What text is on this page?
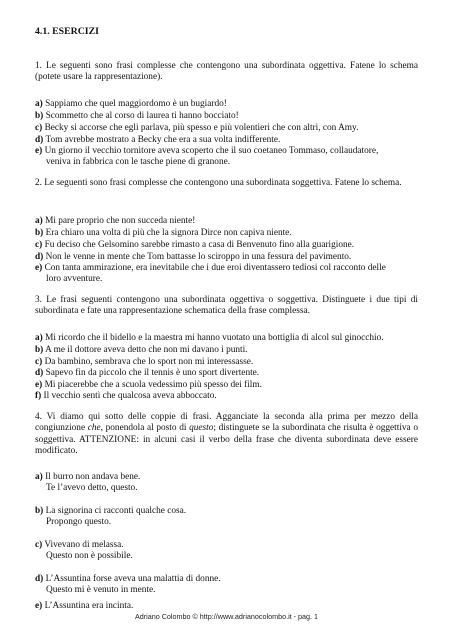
4.1. ESERCIZI
1. Le seguenti sono frasi complesse che contengono una subordinata oggettiva. Fatene lo schema (potete usare la rappresentazione).
a) Sappiamo che quel maggiordomo è un bugiardo!
b) Scommetto che al corso di laurea ti hanno bocciato!
c) Becky si accorse che egli parlava, più spesso e più volentieri che con altri, con Amy.
d) Tom avrebbe mostrato a Becky che era a sua volta indifferente.
e) Un giorno il vecchio tornitore aveva scoperto che il suo coetaneo Tommaso, collaudatore,
veniva in fabbrica con le tasche piene di granone.
2. Le seguenti sono frasi complesse che contengono una subordinata soggettiva. Fatene lo schema.
a) Mi pare proprio che non succeda niente!
b) Era chiaro una volta di più che la signora Dirce non capiva niente.
c) Fu deciso che Gelsomino sarebbe rimasto a casa di Benvenuto fino alla guarigione.
d) Non le venne in mente che Tom battasse lo sciroppo in una fessura del pavimento.
e) Con tanta ammirazione, era inevitabile che i due eroi diventassero tediosi col racconto delle
loro avventure.
3. Le frasi seguenti contengono una subordinata oggettiva o soggettiva. Distinguete i due tipi di subordinata e fate una rappresentazione schematica della frase complessa.
a) Mi ricordo che il bidello e la maestra mi hanno vuotato una bottiglia di alcol sul ginocchio.
b) A me il dottore aveva detto che non mi davano i punti.
c) Da bambino, sembrava che lo sport non mi interessasse.
d) Sapevo fin da piccolo che il tennis è uno sport divertente.
e) Mi piacerebbe che a scuola vedessimo più spesso dei film.
f) Il vecchio sentì che qualcosa aveva abboccato.
4. Vi diamo qui sotto delle coppie di frasi. Agganciate la seconda alla prima per mezzo della congiunzione che, ponendola al posto di questo; distinguete se la subordinata che risulta è oggettiva o soggettiva. ATTENZIONE: in alcuni casi il verbo della frase che diventa subordinata deve essere modificato.
a) Il burro non andava bene.
Te l’avevo detto, questo.
b) La signorina ci racconti qualche cosa.
Propongo questo.
c) Vivevano di melassa.
Questo non è possibile.
d) L’Assuntina forse aveva una malattia di donne.
Questo mi è venuto in mente.
e) L’Assuntina era incinta.
Adriano Colombo © http://www.adrianocolombo.it - pag. 1
